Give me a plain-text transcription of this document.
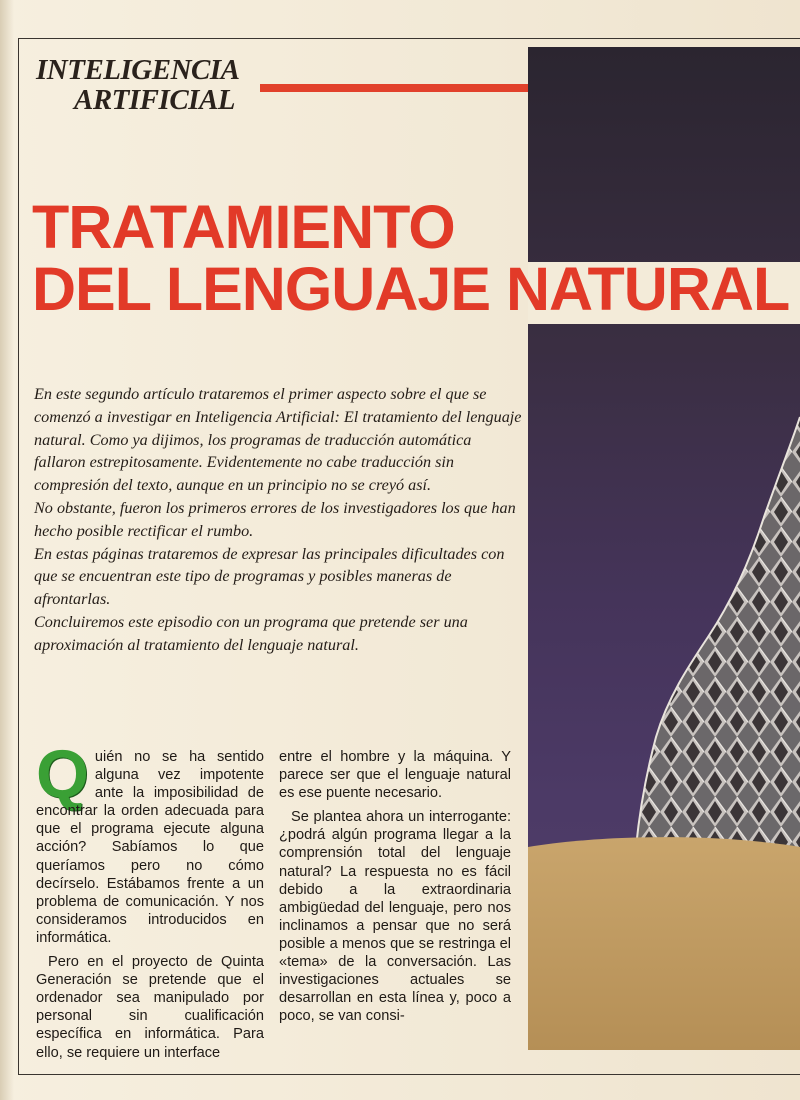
INTELIGENCIA
ARTIFICIAL
TRATAMIENTO
DEL LENGUAJE NATURAL

En este segundo artículo trataremos el primer aspecto sobre el que se comenzó a investigar en Inteligencia Artificial: El tratamiento del lenguaje natural. Como ya dijimos, los programas de traducción automática fallaron estrepitosamente. Evidentemente no cabe traducción sin compresión del texto, aunque en un principio no se creyó así.

No obstante, fueron los primeros errores de los investigadores los que han hecho posible rectificar el rumbo.

En estas páginas trataremos de expresar las principales dificultades con que se encuentran este tipo de programas y posibles maneras de afrontarlas.

Concluiremos este episodio con un programa que pretende ser una aproximación al tratamiento del lenguaje natural.

Q uién no se ha sentido alguna vez impotente ante la imposibilidad de encontrar la orden adecuada para que el programa ejecute alguna acción? Sabíamos lo que queríamos pero no cómo decírselo. Estábamos frente a un problema de comunicación. Y nos consideramos introducidos en informática.

Pero en el proyecto de Quinta Generación se pretende que el ordenador sea manipulado por personal sin cualificación específica en informática. Para ello, se requiere un interface

entre el hombre y la máquina. Y parece ser que el lenguaje natural es ese puente necesario.

Se plantea ahora un interrogante: ¿podrá algún programa llegar a la comprensión total del lenguaje natural? La respuesta no es fácil debido a la extraordinaria ambigüedad del lenguaje, pero nos inclinamos a pensar que no será posible a menos que se restringa el «tema» de la conversación. Las investigaciones actuales se desarrollan en esta línea y, poco a poco, se van consi-
